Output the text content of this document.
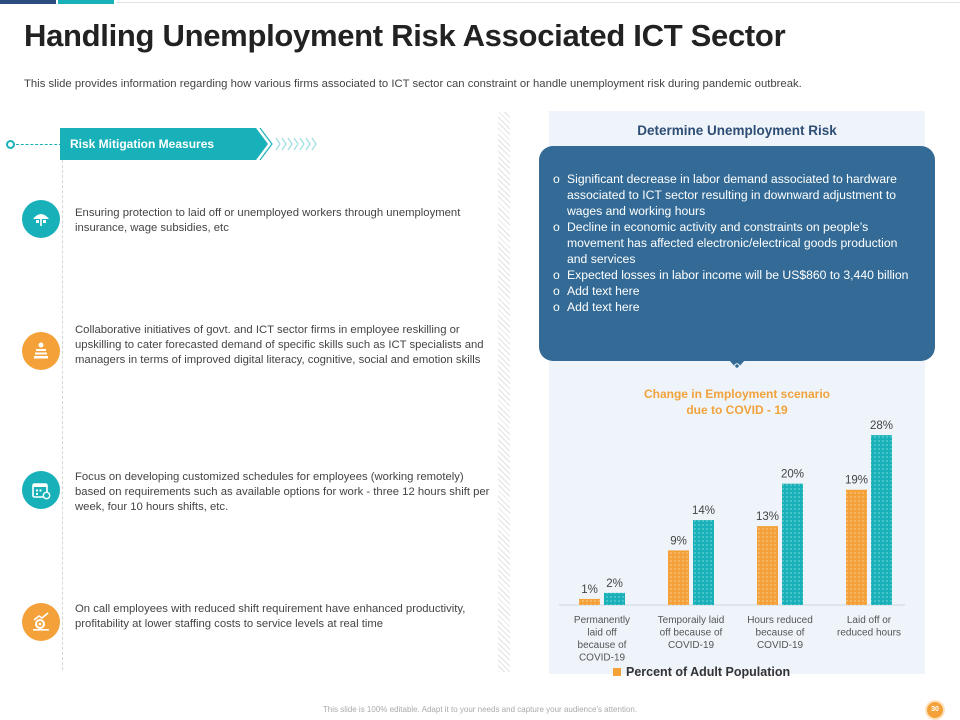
Handling Unemployment Risk Associated ICT Sector
This slide provides information regarding how various firms associated to ICT sector can constraint or handle unemployment risk during pandemic outbreak.
Risk Mitigation Measures
Ensuring protection to laid off or unemployed workers through unemployment insurance, wage subsidies, etc
Collaborative initiatives of govt. and ICT sector firms in employee reskilling or upskilling to cater forecasted demand of specific skills such as ICT specialists and managers in terms of improved digital literacy, cognitive, social and emotion skills
Focus on developing customized schedules for employees (working remotely) based on requirements such as available options for work - three 12 hours shift per week, four 10 hours shifts, etc.
On call employees with reduced shift requirement have enhanced productivity, profitability at lower staffing costs to service levels at real time
Determine Unemployment Risk
o Significant decrease in labor demand associated to hardware associated to ICT sector resulting in downward adjustment to wages and working hours
o Decline in economic activity and constraints on people’s movement has affected electronic/electrical goods production and services
o Expected losses in labor income will be US$860 to 3,440 billion
o Add text here
o Add text here
Change in Employment scenario due to COVID - 19
1%
2%
Permanently laid off because of COVID-19
9%
14%
Temporaily laid off because of COVID-19
13%
20%
Hours reduced because of COVID-19
19%
28%
Laid off or reduced hours
Percent of Adult Population
This slide is 100% editable. Adapt it to your needs and capture your audience's attention.	30
